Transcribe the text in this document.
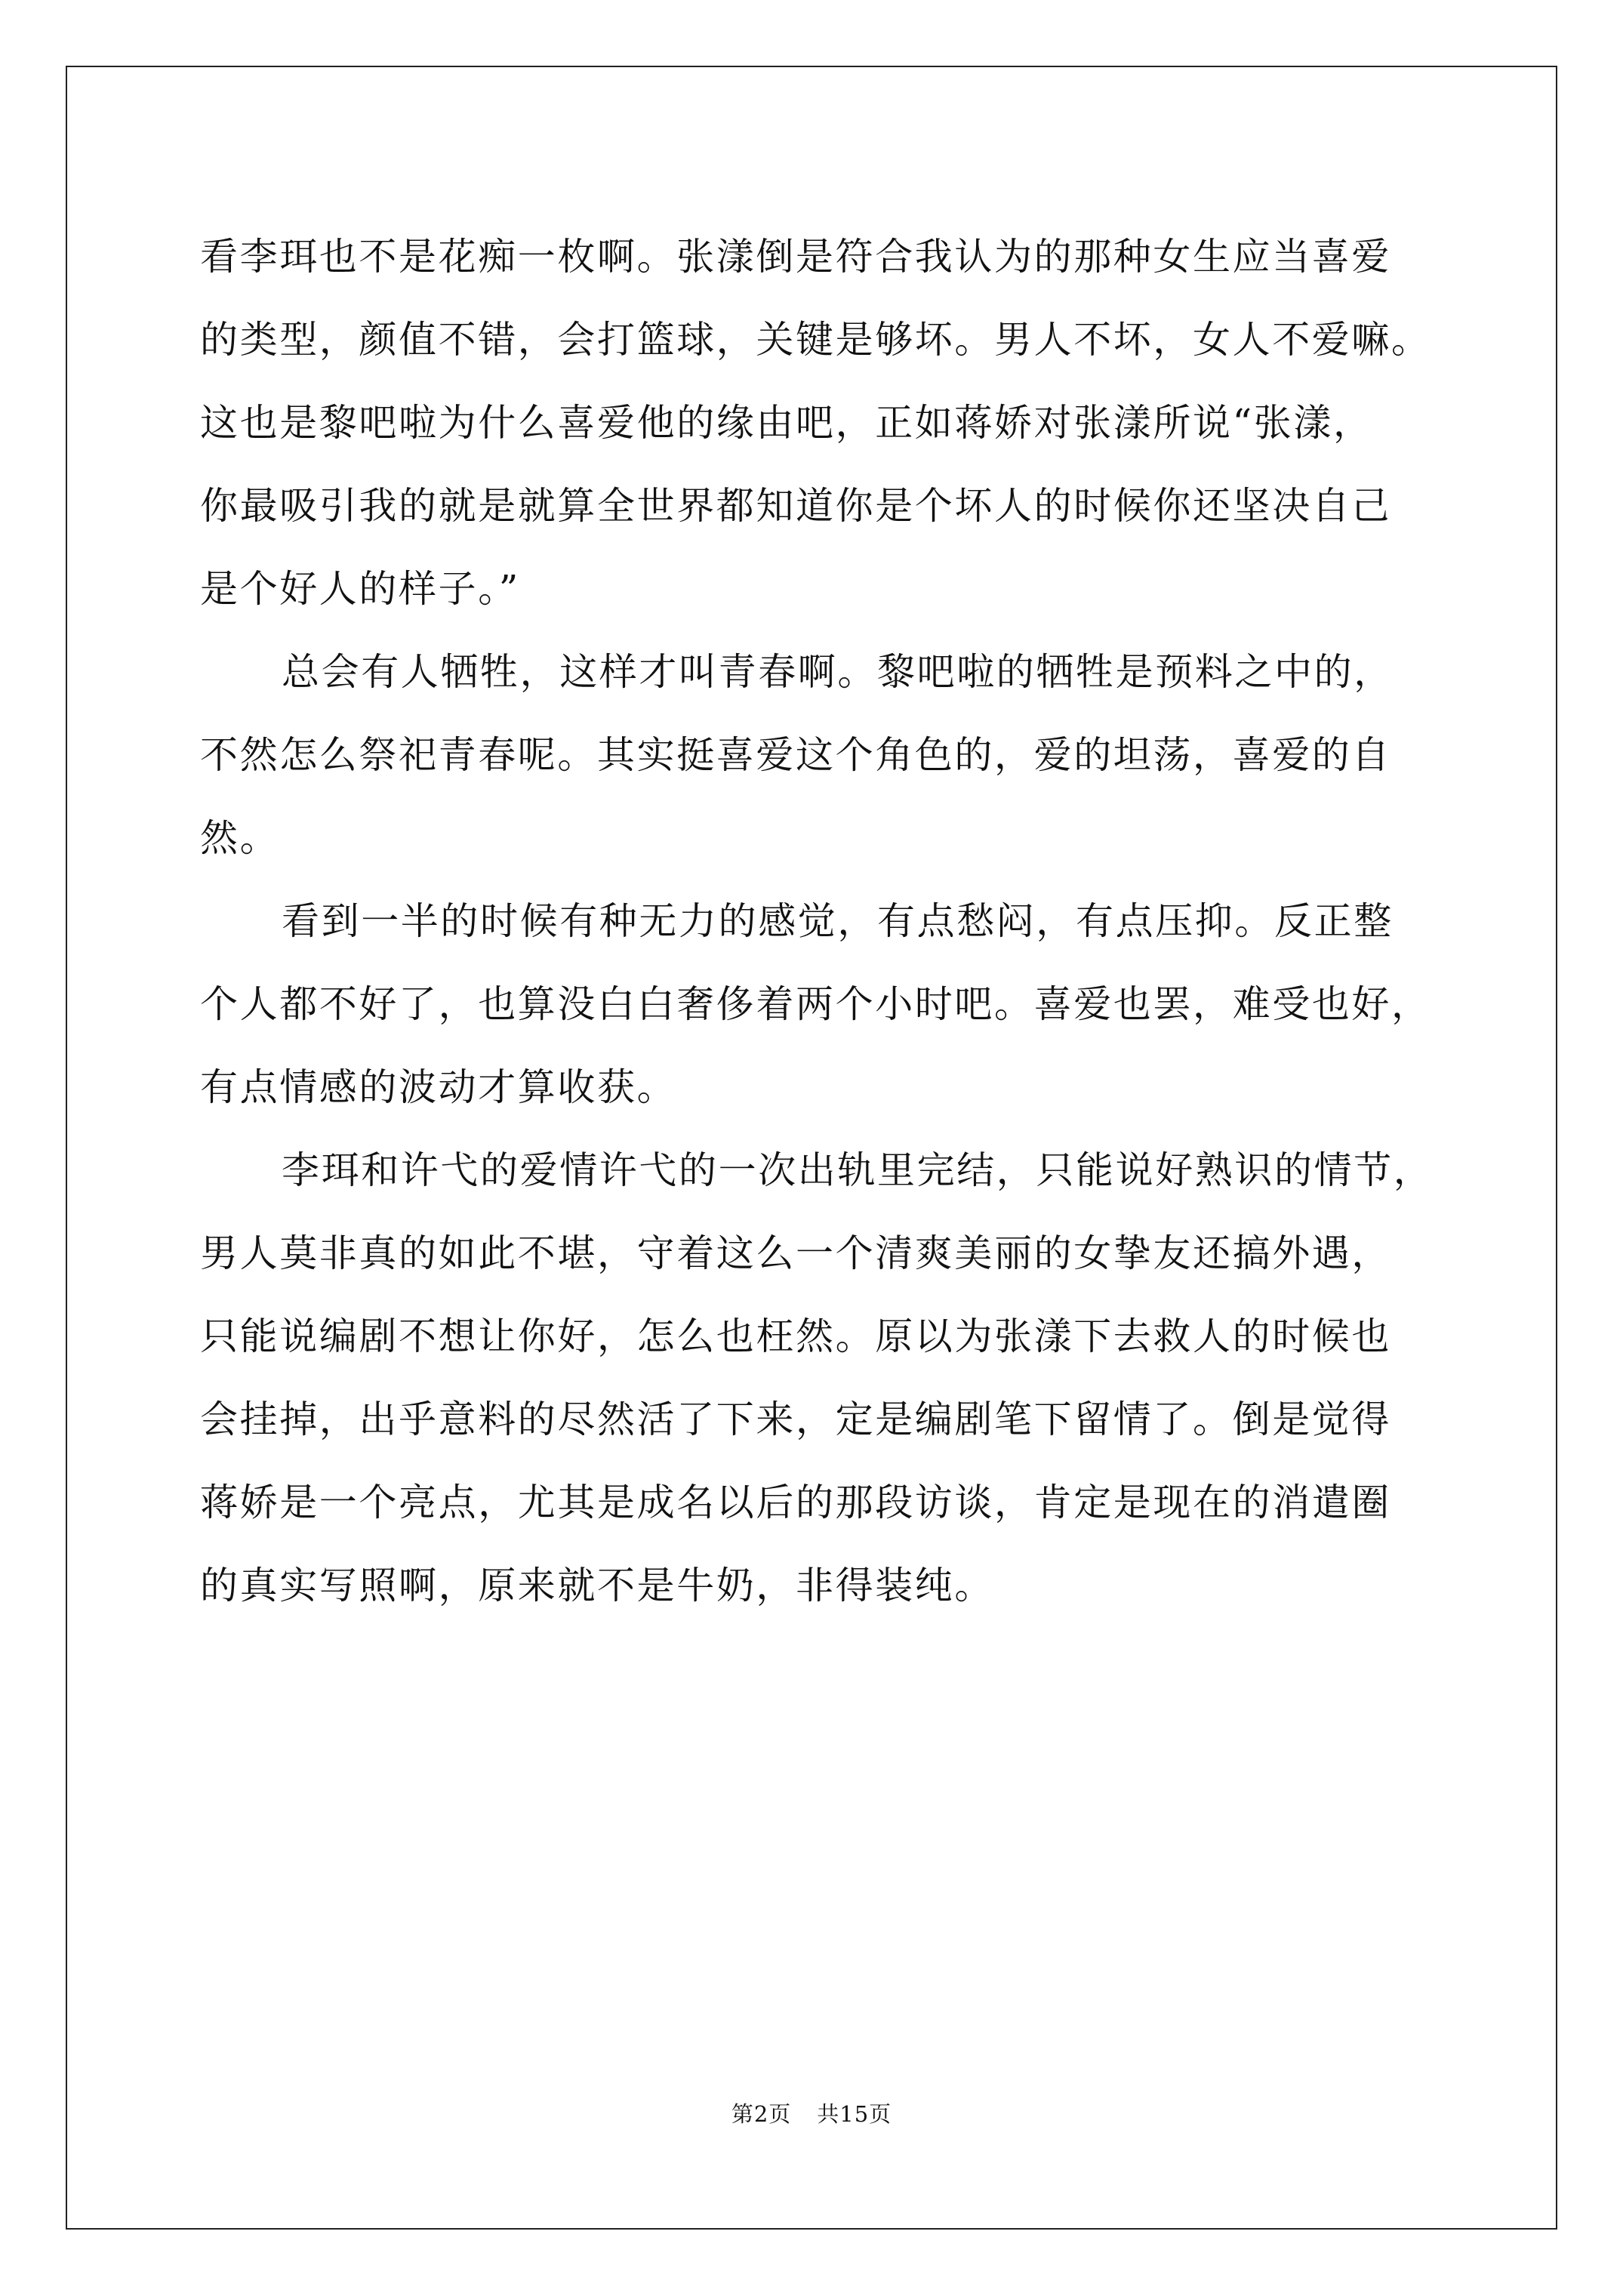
看李珥也不是花痴一枚啊。张漾倒是符合我认为的那种女生应当喜爱
的类型，颜值不错，会打篮球，关键是够坏。男人不坏，女人不爱嘛。
这也是黎吧啦为什么喜爱他的缘由吧，正如蒋娇对张漾所说“张漾，
你最吸引我的就是就算全世界都知道你是个坏人的时候你还坚决自己
是个好人的样子。”

总会有人牺牲，这样才叫青春啊。黎吧啦的牺牲是预料之中的，
不然怎么祭祀青春呢。其实挺喜爱这个角色的，爱的坦荡，喜爱的自
然。

看到一半的时候有种无力的感觉，有点愁闷，有点压抑。反正整
个人都不好了，也算没白白奢侈着两个小时吧。喜爱也罢，难受也好，
有点情感的波动才算收获。

李珥和许弋的爱情许弋的一次出轨里完结，只能说好熟识的情节，
男人莫非真的如此不堪，守着这么一个清爽美丽的女挚友还搞外遇，
只能说编剧不想让你好，怎么也枉然。原以为张漾下去救人的时候也
会挂掉，出乎意料的尽然活了下来，定是编剧笔下留情了。倒是觉得
蒋娇是一个亮点，尤其是成名以后的那段访谈，肯定是现在的消遣圈
的真实写照啊，原来就不是牛奶，非得装纯。

第2页 共15页
